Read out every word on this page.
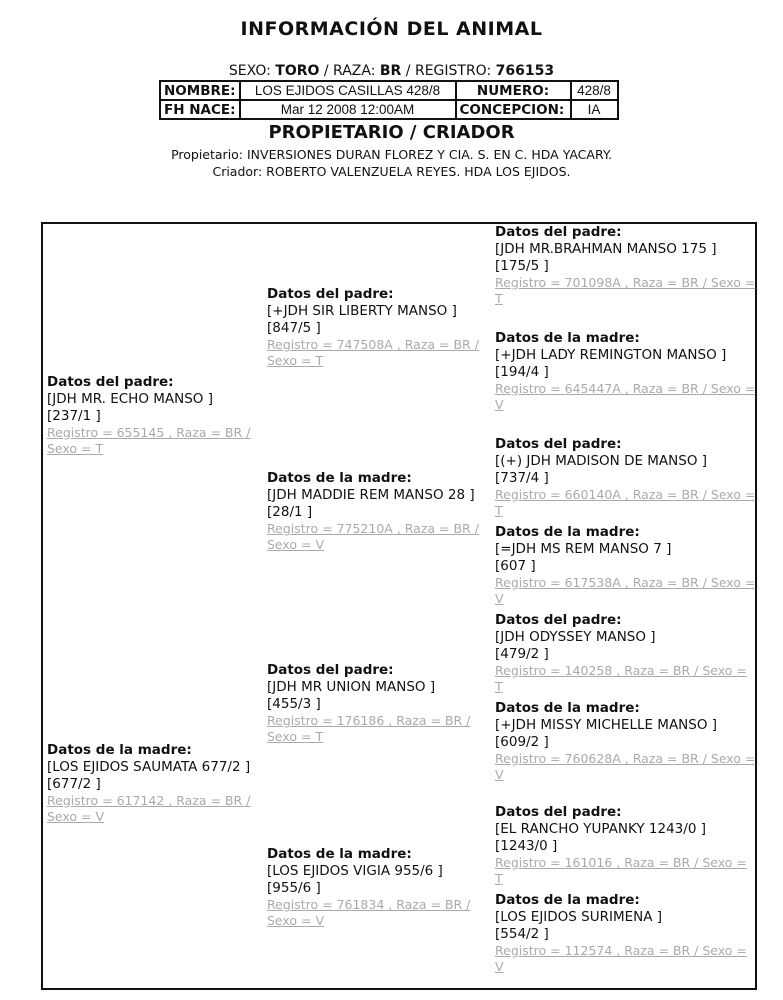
INFORMACIÓN DEL ANIMAL
SEXO: TORO / RAZA: BR / REGISTRO: 766153
NOMBRE:	LOS EJIDOS CASILLAS 428/8	NUMERO:	428/8
FH NACE:	Mar 12 2008 12:00AM	CONCEPCION:	IA
PROPIETARIO / CRIADOR
Propietario: INVERSIONES DURAN FLOREZ Y CIA. S. EN C. HDA YACARY.
Criador: ROBERTO VALENZUELA REYES. HDA LOS EJIDOS.
Datos del padre:
[JDH MR. ECHO MANSO ]
[237/1 ]
Registro = 655145 , Raza = BR / Sexo = T
Datos de la madre:
[LOS EJIDOS SAUMATA 677/2 ]
[677/2 ]
Registro = 617142 , Raza = BR / Sexo = V
Datos del padre:
[+JDH SIR LIBERTY MANSO ]
[847/5 ]
Registro = 747508A , Raza = BR / Sexo = T
Datos de la madre:
[JDH MADDIE REM MANSO 28 ]
[28/1 ]
Registro = 775210A , Raza = BR / Sexo = V
Datos del padre:
[JDH MR UNION MANSO ]
[455/3 ]
Registro = 176186 , Raza = BR / Sexo = T
Datos de la madre:
[LOS EJIDOS VIGIA 955/6 ]
[955/6 ]
Registro = 761834 , Raza = BR / Sexo = V
Datos del padre:
[JDH MR.BRAHMAN MANSO 175 ]
[175/5 ]
Registro = 701098A , Raza = BR / Sexo = T
Datos de la madre:
[+JDH LADY REMINGTON MANSO ]
[194/4 ]
Registro = 645447A , Raza = BR / Sexo = V
Datos del padre:
[(+) JDH MADISON DE MANSO ]
[737/4 ]
Registro = 660140A , Raza = BR / Sexo = T
Datos de la madre:
[=JDH MS REM MANSO 7 ]
[607 ]
Registro = 617538A , Raza = BR / Sexo = V
Datos del padre:
[JDH ODYSSEY MANSO ]
[479/2 ]
Registro = 140258 , Raza = BR / Sexo = T
Datos de la madre:
[+JDH MISSY MICHELLE MANSO ]
[609/2 ]
Registro = 760628A , Raza = BR / Sexo = V
Datos del padre:
[EL RANCHO YUPANKY 1243/0 ]
[1243/0 ]
Registro = 161016 , Raza = BR / Sexo = T
Datos de la madre:
[LOS EJIDOS SURIMENA ]
[554/2 ]
Registro = 112574 , Raza = BR / Sexo = V
